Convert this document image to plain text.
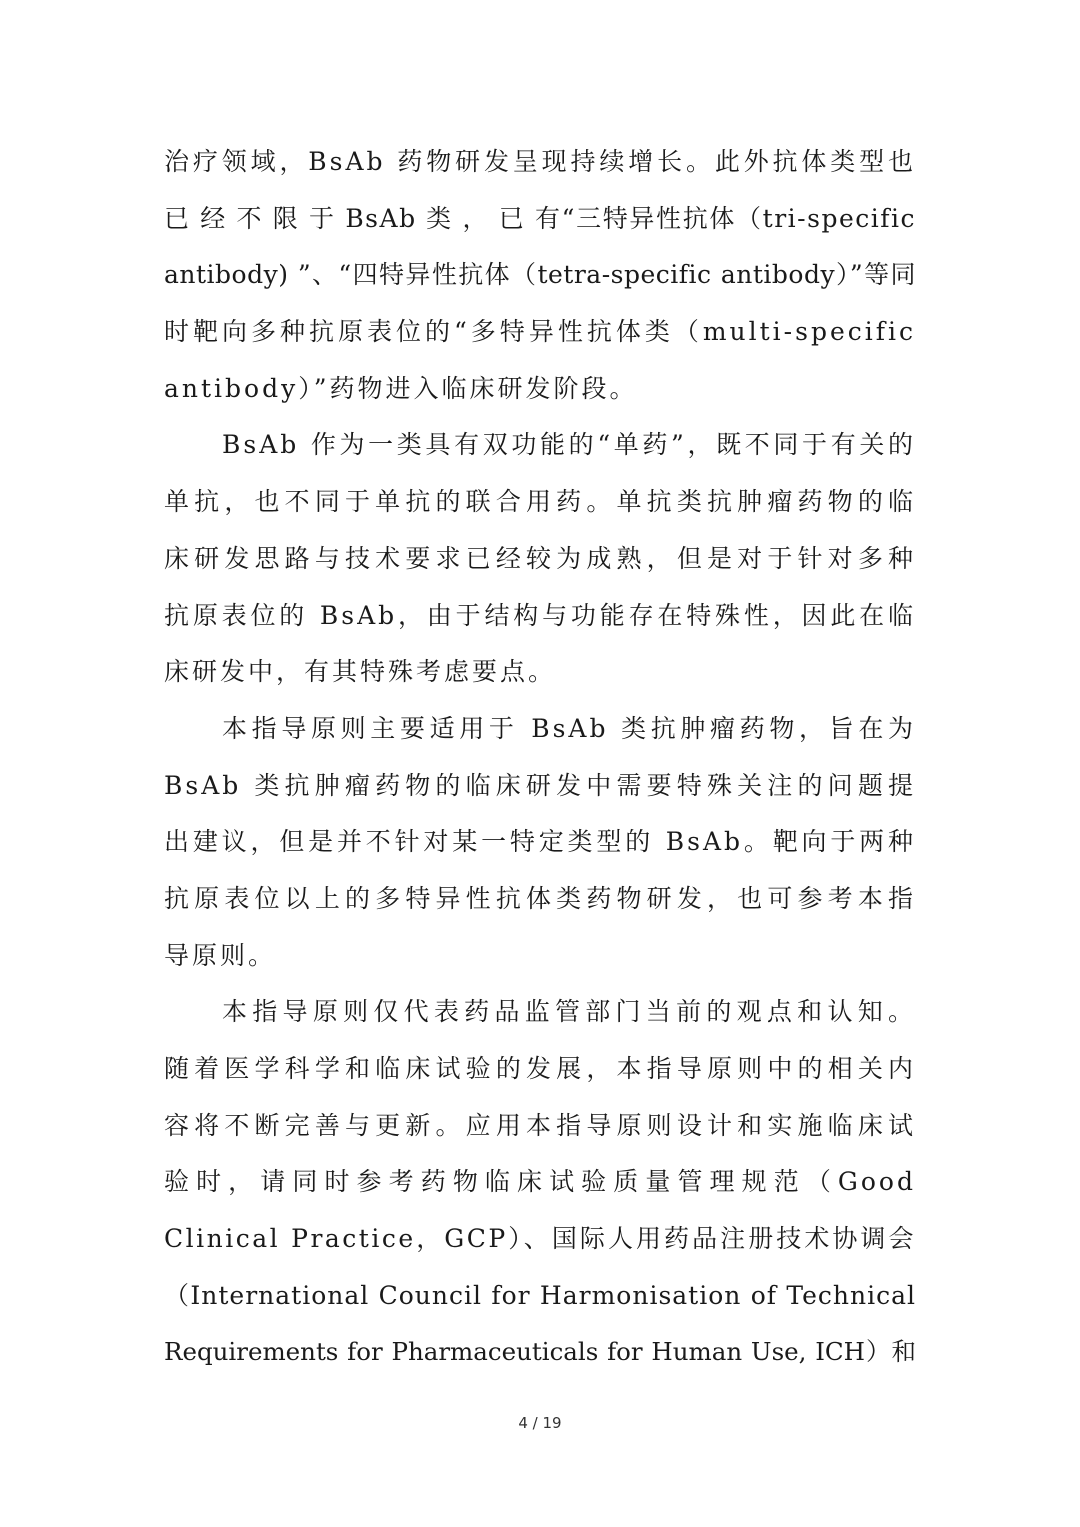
治疗领域，BsAb 药物研发呈现持续增长。此外抗体类型也
已 经 不 限 于 BsAb 类 ， 已 有“三特异性抗体（tri-specific
antibody) ”、“四特异性抗体（tetra-specific antibody）”等同
时靶向多种抗原表位的“多特异性抗体类（multi-specific
antibody）”药物进入临床研发阶段。
BsAb 作为一类具有双功能的“单药”，既不同于有关的
单抗，也不同于单抗的联合用药。单抗类抗肿瘤药物的临
床研发思路与技术要求已经较为成熟，但是对于针对多种
抗原表位的 BsAb，由于结构与功能存在特殊性，因此在临
床研发中，有其特殊考虑要点。
本指导原则主要适用于 BsAb 类抗肿瘤药物，旨在为
BsAb 类抗肿瘤药物的临床研发中需要特殊关注的问题提
出建议，但是并不针对某一特定类型的 BsAb。靶向于两种
抗原表位以上的多特异性抗体类药物研发，也可参考本指
导原则。
本指导原则仅代表药品监管部门当前的观点和认知。
随着医学科学和临床试验的发展，本指导原则中的相关内
容将不断完善与更新。应用本指导原则设计和实施临床试
验时，请同时参考药物临床试验质量管理规范（Good
Clinical Practice，GCP）、国际人用药品注册技术协调会
（International Council for Harmonisation of Technical
Requirements for Pharmaceuticals for Human Use, ICH）和
4 / 19
